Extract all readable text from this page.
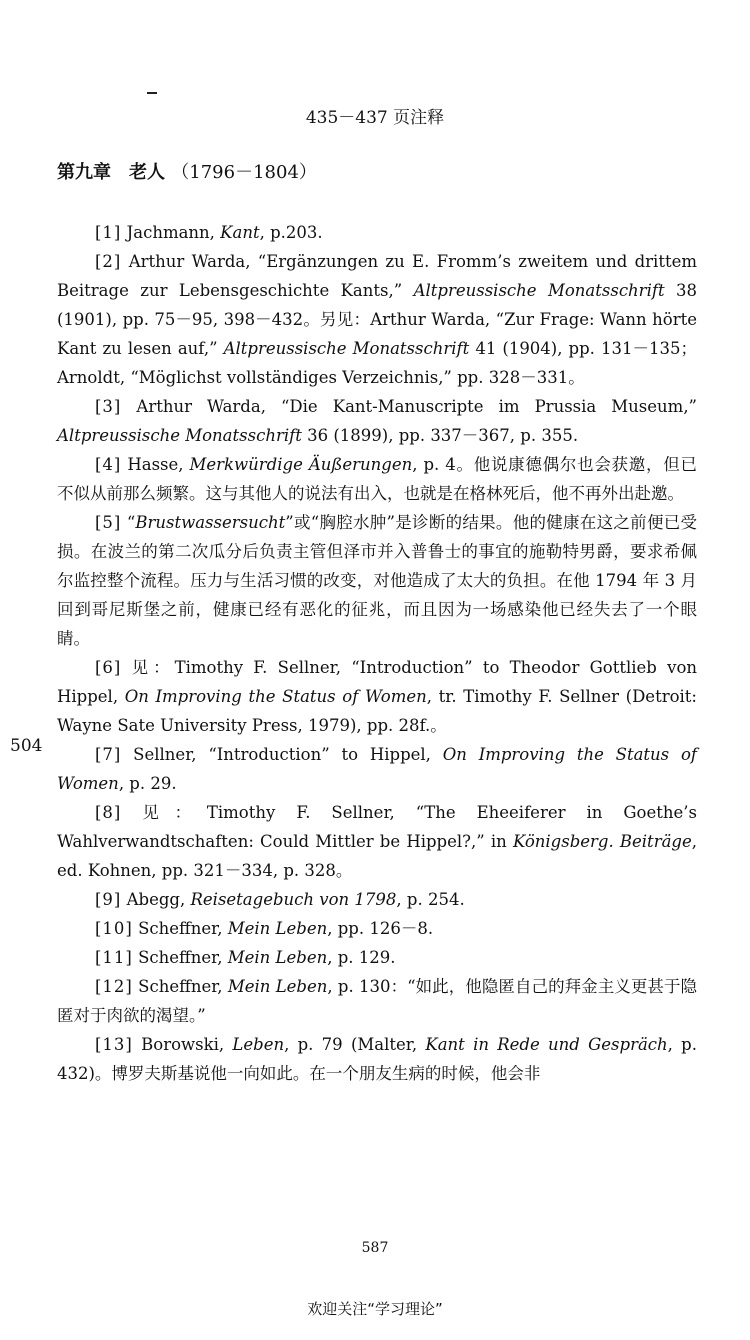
435－437 页注释
第九章　老人 （1796－1804）
504

[1] Jachmann, Kant, p.203.

[2] Arthur Warda, “Ergänzungen zu E. Fromm’s zweitem und drittem Beitrage zur Lebensgeschichte Kants,” Altpreussische Monatsschrift 38 (1901), pp. 75－95, 398－432。另见：Arthur Warda, “Zur Frage: Wann hörte Kant zu lesen auf,” Altpreussische Monatsschrift 41 (1904), pp. 131－135；Arnoldt, “Möglichst vollständiges Verzeichnis,” pp. 328－331。

[3] Arthur Warda, “Die Kant-Manuscripte im Prussia Museum,” Altpreussische Monatsschrift 36 (1899), pp. 337－367, p. 355.

[4] Hasse, Merkwürdige Äußerungen, p. 4。他说康德偶尔也会获邀，但已不似从前那么频繁。这与其他人的说法有出入，也就是在格林死后，他不再外出赴邀。

[5] “Brustwassersucht”或“胸腔水肿”是诊断的结果。他的健康在这之前便已受损。在波兰的第二次瓜分后负责主管但泽市并入普鲁士的事宜的施勒特男爵，要求希佩尔监控整个流程。压力与生活习惯的改变，对他造成了太大的负担。在他 1794 年 3 月回到哥尼斯堡之前，健康已经有恶化的征兆，而且因为一场感染他已经失去了一个眼睛。

[6] 见：Timothy F. Sellner, “Introduction” to Theodor Gottlieb von Hippel, On Improving the Status of Women, tr. Timothy F. Sellner (Detroit: Wayne Sate University Press, 1979), pp. 28f.。

[7] Sellner, “Introduction” to Hippel, On Improving the Status of Women, p. 29.

[8] 见：Timothy F. Sellner, “The Eheeiferer in Goethe’s Wahlverwandtschaften: Could Mittler be Hippel?,” in Königsberg. Beiträge, ed. Kohnen, pp. 321－334, p. 328。

[9] Abegg, Reisetagebuch von 1798, p. 254.

[10] Scheffner, Mein Leben, pp. 126－8.

[11] Scheffner, Mein Leben, p. 129.

[12] Scheffner, Mein Leben, p. 130：“如此，他隐匿自己的拜金主义更甚于隐匿对于肉欲的渴望。”

[13] Borowski, Leben, p. 79 (Malter, Kant in Rede und Gespräch, p. 432)。博罗夫斯基说他一向如此。在一个朋友生病的时候，他会非

587
欢迎关注“学习理论”
